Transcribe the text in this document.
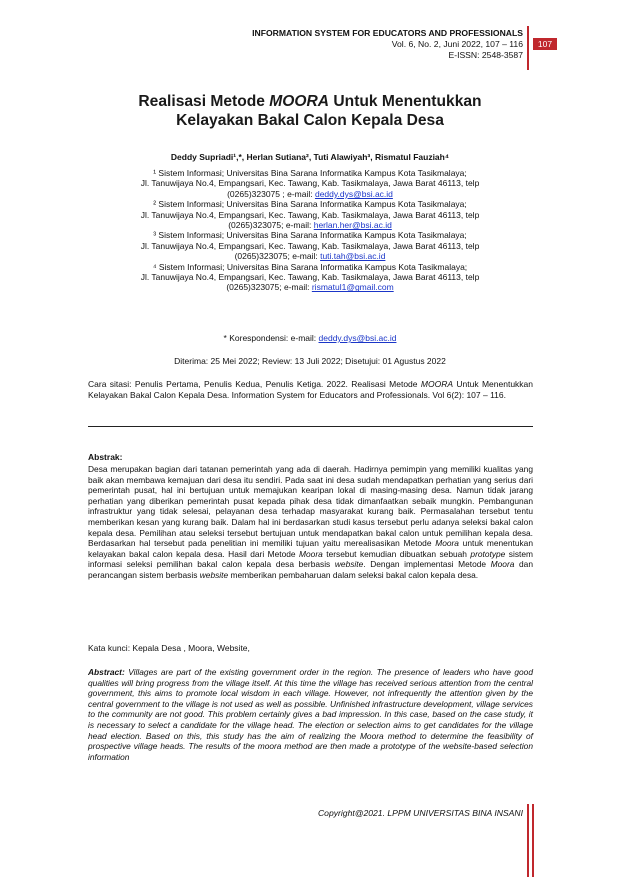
INFORMATION SYSTEM FOR EDUCATORS AND PROFESSIONALS
Vol. 6, No. 2, Juni 2022, 107 – 116
E-ISSN: 2548-3587
107
Realisasi Metode MOORA Untuk Menentukkan
Kelayakan Bakal Calon Kepala Desa
Deddy Supriadi¹,*, Herlan Sutiana², Tuti Alawiyah³, Rismatul Fauziah⁴
¹ Sistem Informasi; Universitas Bina Sarana Informatika Kampus Kota Tasikmalaya;
Jl. Tanuwijaya No.4, Empangsari, Kec. Tawang, Kab. Tasikmalaya, Jawa Barat 46113, telp
(0265)323075 ; e-mail: deddy.dys@bsi.ac.id
² Sistem Informasi; Universitas Bina Sarana Informatika Kampus Kota Tasikmalaya;
Jl. Tanuwijaya No.4, Empangsari, Kec. Tawang, Kab. Tasikmalaya, Jawa Barat 46113, telp
(0265)323075; e-mail: herlan.her@bsi.ac.id
³ Sistem Informasi; Universitas Bina Sarana Informatika Kampus Kota Tasikmalaya;
Jl. Tanuwijaya No.4, Empangsari, Kec. Tawang, Kab. Tasikmalaya, Jawa Barat 46113, telp
(0265)323075; e-mail: tuti.tah@bsi.ac.id
⁴ Sistem Informasi; Universitas Bina Sarana Informatika Kampus Kota Tasikmalaya;
Jl. Tanuwijaya No.4, Empangsari, Kec. Tawang, Kab. Tasikmalaya, Jawa Barat 46113, telp
(0265)323075; e-mail: rismatul1@gmail.com
* Korespondensi: e-mail: deddy.dys@bsi.ac.id
Diterima: 25 Mei 2022; Review: 13 Juli 2022; Disetujui: 01 Agustus 2022
Cara sitasi: Penulis Pertama, Penulis Kedua, Penulis Ketiga. 2022. Realisasi Metode MOORA Untuk Menentukkan Kelayakan Bakal Calon Kepala Desa. Information System for Educators and Professionals. Vol 6(2): 107 – 116.
Abstrak:

Desa merupakan bagian dari tatanan pemerintah yang ada di daerah. Hadirnya pemimpin yang memiliki kualitas yang baik akan membawa kemajuan dari desa itu sendiri. Pada saat ini desa sudah mendapatkan perhatian yang serius dari pemerintah pusat, hal ini bertujuan untuk memajukan kearipan lokal di masing-masing desa. Namun tidak jarang perhatian yang diberikan pemerintah pusat kepada pihak desa tidak dimanfaatkan sebaik mungkin. Pembangunan infrastruktur yang tidak selesai, pelayanan desa terhadap masyarakat kurang baik. Permasalahan tersebut tentu memberikan kesan yang kurang baik. Dalam hal ini berdasarkan studi kasus tersebut perlu adanya seleksi bakal calon kepala desa. Pemilihan atau seleksi tersebut bertujuan untuk mendapatkan bakal calon untuk pemilihan kepala desa. Berdasarkan hal tersebut pada penelitian ini memiliki tujuan yaitu merealisasikan Metode Moora untuk menentukan kelayakan bakal calon kepala desa. Hasil dari Metode Moora tersebut kemudian dibuatkan sebuah prototype sistem informasi seleksi pemilihan bakal calon kepala desa berbasis website. Dengan implementasi Metode Moora dan perancangan sistem berbasis website memberikan pembaharuan dalam seleksi bakal calon kepala desa.

Kata kunci: Kepala Desa , Moora, Website,
Abstract: Villages are part of the existing government order in the region. The presence of leaders who have good qualities will bring progress from the village itself. At this time the village has received serious attention from the central government, this aims to promote local wisdom in each village. However, not infrequently the attention given by the central government to the village is not used as well as possible. Unfinished infrastructure development, village services to the community are not good. This problem certainly gives a bad impression. In this case, based on the case study, it is necessary to select a candidate for the village head. The election or selection aims to get candidates for the village head election. Based on this, this study has the aim of realizing the Moora method to determine the feasibility of prospective village heads. The results of the moora method are then made a prototype of the website-based selection information
Copyright@2021. LPPM UNIVERSITAS BINA INSANI
